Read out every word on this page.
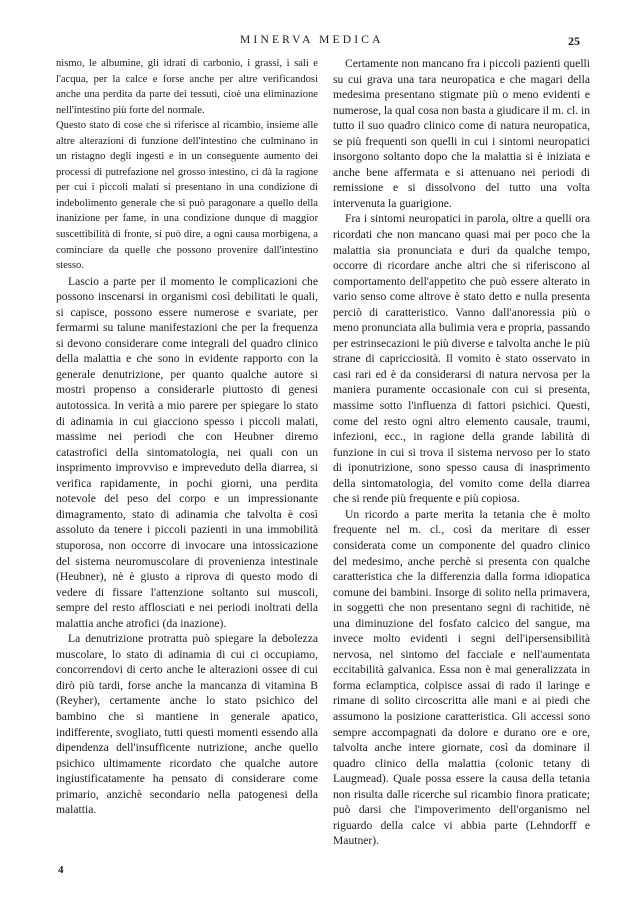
MINERVA MEDICA	25

nismo, le albumine, gli idrati di carbonio, i grassi, i sali e l'acqua, per la calce e forse anche per altre verificandosi anche una perdita da parte dei tessuti, cioè una eliminazione nell'intestino più forte del normale.

Questo stato di cose che si riferisce al ricambio, insieme alle altre alterazioni di funzione dell'intestino che culminano in un ristagno degli ingesti e in un conseguente aumento dei processi di putrefazione nel grosso intestino, ci dà la ragione per cui i piccoli malati si presentano in una condizione di indebolimento generale che si può paragonare a quello della inanizione per fame, in una condizione dunque di maggior suscettibilità di fronte, si può dire, a ogni causa morbigena, a cominciare da quelle che possono provenire dall'intestino stesso.

Lascio a parte per il momento le complicazioni che possono inscenarsi in organismi così debilitati le quali, si capisce, possono essere numerose e svariate, per fermarmi su talune manifestazioni che per la frequenza si devono considerare come integrali del quadro clinico della malattia e che sono in evidente rapporto con la generale denutrizione, per quanto qualche autore si mostri propenso a considerarle piuttosto di genesi autotossica. In verità a mio parere per spiegare lo stato di adinamia in cui giacciono spesso i piccoli malati, massime nei periodi che con Heubner diremo catastrofici della sintomatologia, nei quali con un insprimento improvviso e impreveduto della diarrea, si verifica rapidamente, in pochi giorni, una perdita notevole del peso del corpo e un impressionante dimagramento, stato di adinamia che talvolta è così assoluto da tenere i piccoli pazienti in una immobilità stuporosa, non occorre di invocare una intossicazione del sistema neuromuscolare di provenienza intestinale (Heubner), nè è giusto a riprova di questo modo di vedere di fissare l'attenzione soltanto sui muscoli, sempre del resto afflosciati e nei periodi inoltrati della malattia anche atrofici (da inazione).

La denutrizione protratta può spiegare la debolezza muscolare, lo stato di adinamia di cui ci occupiamo, concorrendovi di certo anche le alterazioni ossee di cui dirò più tardi, forse anche la mancanza di vitamina B (Reyher), certamente anche lo stato psichico del bambino che si mantiene in generale apatico, indifferente, svogliato, tutti questi momenti essendo alla dipendenza dell'insufficente nutrizione, anche quello psichico ultimamente ricordato che qualche autore ingiustificatamente ha pensato di considerare come primario, anzichè secondario nella patogenesi della malattia.

Certamente non mancano fra i piccoli pazienti quelli su cui grava una tara neuropatica e che magari della medesima presentano stigmate più o meno evidenti e numerose, la qual cosa non basta a giudicare il m. cl. in tutto il suo quadro clinico come di natura neuropatica, se più frequenti son quelli in cui i sintomi neuropatici insorgono soltanto dopo che la malattia si è iniziata e anche bene affermata e si attenuano nei periodi di remissione e si dissolvono del tutto una volta intervenuta la guarigione.

Fra i sintomi neuropatici in parola, oltre a quelli ora ricordati che non mancano quasi mai per poco che la malattia sia pronunciata e duri da qualche tempo, occorre di ricordare anche altri che si riferiscono al comportamento dell'appetito che può essere alterato in vario senso come altrove è stato detto e nulla presenta perciò di caratteristico. Vanno dall'anoressia più o meno pronunciata alla bulimia vera e propria, passando per estrinsecazioni le più diverse e talvolta anche le più strane di capricciosità. Il vomito è stato osservato in casi rari ed è da considerarsi di natura nervosa per la maniera puramente occasionale con cui si presenta, massime sotto l'influenza di fattori psichici. Questi, come del resto ogni altro elemento causale, traumi, infezioni, ecc., in ragione della grande labilità di funzione in cui si trova il sistema nervoso per lo stato di iponutrizione, sono spesso causa di inasprimento della sintomatologia, del vomito come della diarrea che si rende più frequente e più copiosa.

Un ricordo a parte merita la tetania che è molto frequente nel m. cl., così da meritare di esser considerata come un componente del quadro clinico del medesimo, anche perchè si presenta con qualche caratteristica che la differenzia dalla forma idiopatica comune dei bambini. Insorge di solito nella primavera, in soggetti che non presentano segni di rachitide, nè una diminuzione del fosfato calcico del sangue, ma invece molto evidenti i segni dell'ipersensibilità nervosa, nel sintomo del facciale e nell'aumentata eccitabilità galvanica. Essa non è mai generalizzata in forma eclamptica, colpisce assai di rado il laringe e rimane di solito circoscritta alle mani e ai piedi che assumono la posizione caratteristica. Gli accessi sono sempre accompagnati da dolore e durano ore e ore, talvolta anche intere giornate, così da dominare il quadro clinico della malattia (colonic tetany di Laugmead). Quale possa essere la causa della tetania non risulta dalle ricerche sul ricambio finora praticate; può darsi che l'impoverimento dell'organismo nel riguardo della calce vi abbia parte (Lehndorff e Mautner).

4
